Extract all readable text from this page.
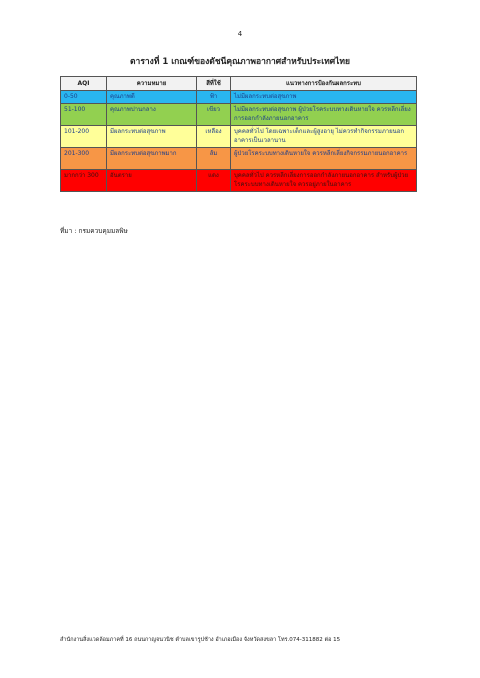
4
ตารางที่ 1 เกณฑ์ของดัชนีคุณภาพอากาศสำหรับประเทศไทย
AQI	ความหมาย	สีที่ใช้	แนวทางการป้องกันผลกระทบ
0-50	คุณภาพดี	ฟ้า	ไม่มีผลกระทบต่อสุขภาพ
51-100	คุณภาพปานกลาง	เขียว	ไม่มีผลกระทบต่อสุขภาพ ผู้ป่วยโรคระบบทางเดินหายใจ ควรหลีกเลี่ยงการออกกำลังภายนอกอาคาร
101-200	มีผลกระทบต่อสุขภาพ	เหลือง	บุคคลทั่วไป โดยเฉพาะเด็กและผู้สูงอายุ ไม่ควรทำกิจกรรมภายนอกอาคารเป็นเวลานาน
201-300	มีผลกระทบต่อสุขภาพมาก	ส้ม	ผู้ป่วยโรคระบบทางเดินหายใจ ควรหลีกเลี่ยงกิจกรรมภายนอกอาคาร
มากกว่า 300	อันตราย	แดง	บุคคลทั่วไป ควรหลีกเลี่ยงการออกกำลังภายนอกอาคาร สำหรับผู้ป่วยโรคระบบทางเดินหายใจ ควรอยู่ภายในอาคาร
ที่มา : กรมควบคุมมลพิษ
สำนักงานสิ่งแวดล้อมภาคที่ 16 ถนนกาญจนวนิช ตำบลเขารูปช้าง อำเภอเมือง จังหวัดสงขลา โทร.074-311882 ต่อ 15
